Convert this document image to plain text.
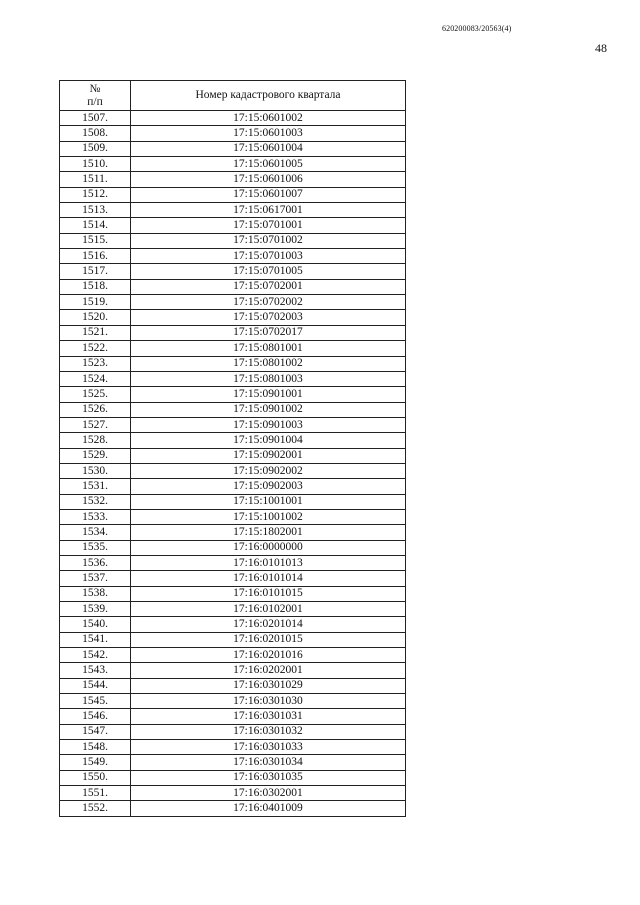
620200083/20563(4)
48
№
п/п	Номер кадастрового квартала
1507.	17:15:0601002
1508.	17:15:0601003
1509.	17:15:0601004
1510.	17:15:0601005
1511.	17:15:0601006
1512.	17:15:0601007
1513.	17:15:0617001
1514.	17:15:0701001
1515.	17:15:0701002
1516.	17:15:0701003
1517.	17:15:0701005
1518.	17:15:0702001
1519.	17:15:0702002
1520.	17:15:0702003
1521.	17:15:0702017
1522.	17:15:0801001
1523.	17:15:0801002
1524.	17:15:0801003
1525.	17:15:0901001
1526.	17:15:0901002
1527.	17:15:0901003
1528.	17:15:0901004
1529.	17:15:0902001
1530.	17:15:0902002
1531.	17:15:0902003
1532.	17:15:1001001
1533.	17:15:1001002
1534.	17:15:1802001
1535.	17:16:0000000
1536.	17:16:0101013
1537.	17:16:0101014
1538.	17:16:0101015
1539.	17:16:0102001
1540.	17:16:0201014
1541.	17:16:0201015
1542.	17:16:0201016
1543.	17:16:0202001
1544.	17:16:0301029
1545.	17:16:0301030
1546.	17:16:0301031
1547.	17:16:0301032
1548.	17:16:0301033
1549.	17:16:0301034
1550.	17:16:0301035
1551.	17:16:0302001
1552.	17:16:0401009
